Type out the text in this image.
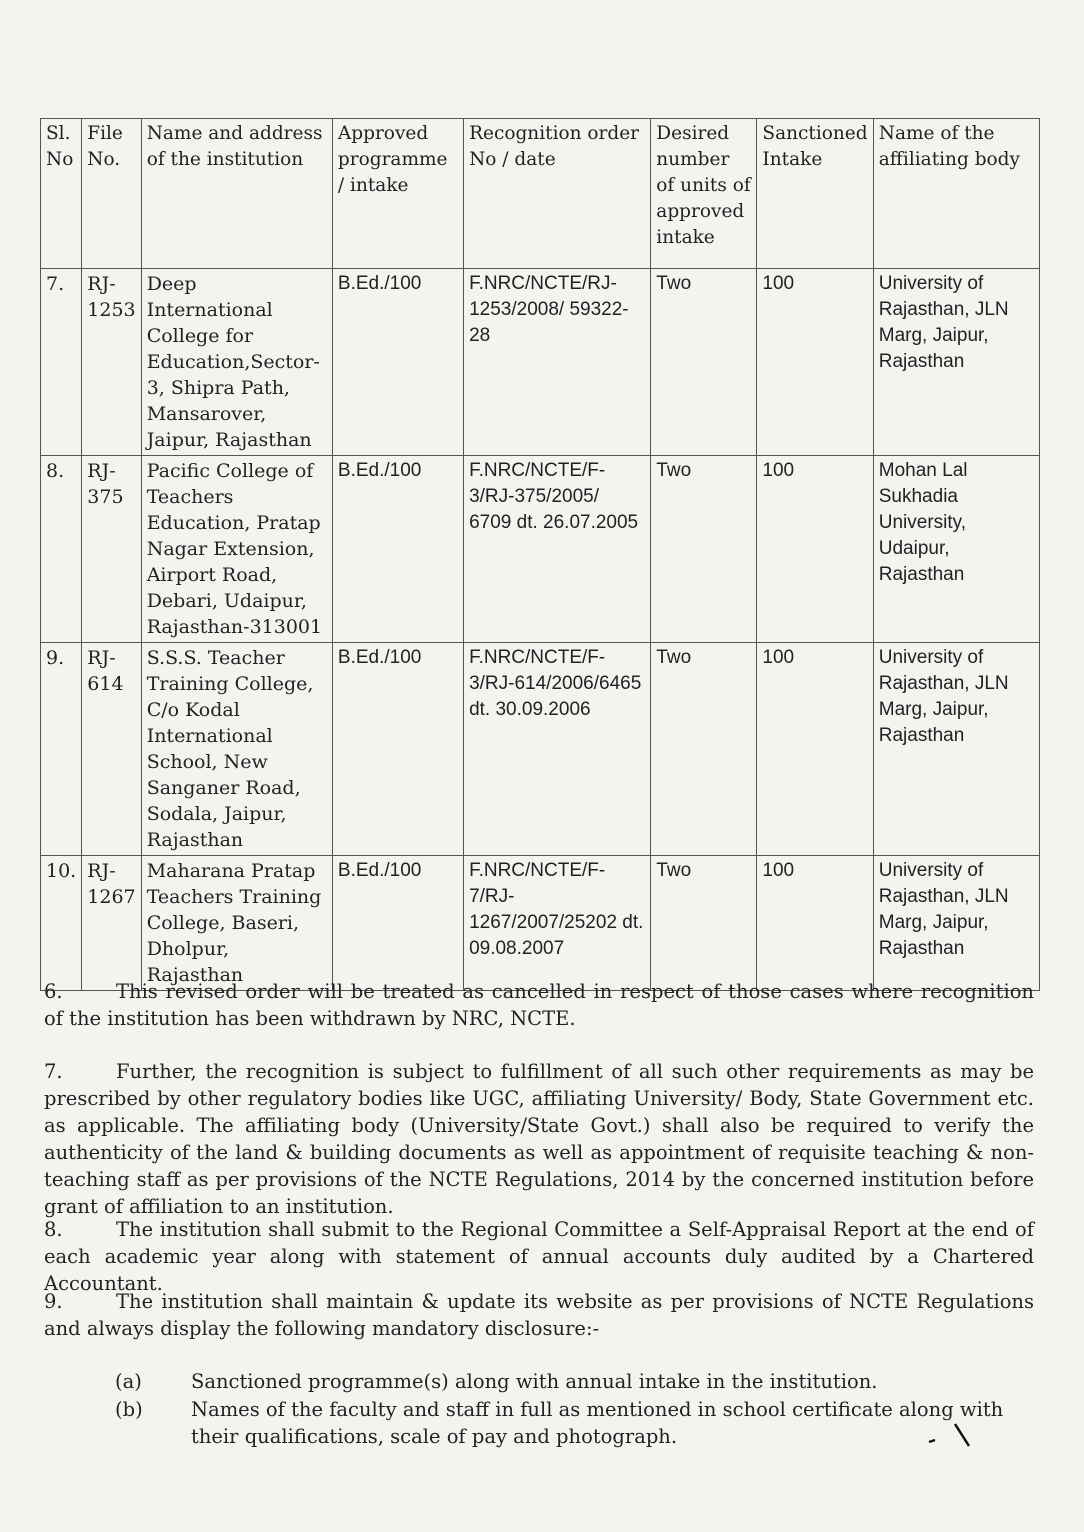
Sl. No	File No.	Name and address of the institution	Approved programme / intake	Recognition order No / date	Desired number of units of approved intake	Sanctioned Intake	Name of the affiliating body
7.	RJ-1253	Deep International College for Education,Sector-3, Shipra Path, Mansarover, Jaipur, Rajasthan	B.Ed./100	F.NRC/NCTE/RJ-1253/2008/ 59322-28	Two	100	University of Rajasthan, JLN Marg, Jaipur, Rajasthan
8.	RJ-375	Pacific College of Teachers Education, Pratap Nagar Extension, Airport Road, Debari, Udaipur, Rajasthan-313001	B.Ed./100	F.NRC/NCTE/F-3/RJ-375/2005/ 6709 dt. 26.07.2005	Two	100	Mohan Lal Sukhadia University, Udaipur, Rajasthan
9.	RJ-614	S.S.S. Teacher Training College, C/o Kodal International School, New Sanganer Road, Sodala, Jaipur, Rajasthan	B.Ed./100	F.NRC/NCTE/F-3/RJ-614/2006/6465 dt. 30.09.2006	Two	100	University of Rajasthan, JLN Marg, Jaipur, Rajasthan
10.	RJ-1267	Maharana Pratap Teachers Training College, Baseri, Dholpur, Rajasthan	B.Ed./100	F.NRC/NCTE/F-7/RJ-1267/2007/25202 dt. 09.08.2007	Two	100	University of Rajasthan, JLN Marg, Jaipur, Rajasthan
6.	This revised order will be treated as cancelled in respect of those cases where recognition of the institution has been withdrawn by NRC, NCTE.
7.	Further, the recognition is subject to fulfillment of all such other requirements as may be prescribed by other regulatory bodies like UGC, affiliating University/ Body, State Government etc. as applicable. The affiliating body (University/State Govt.) shall also be required to verify the authenticity of the land & building documents as well as appointment of requisite teaching & non-teaching staff as per provisions of the NCTE Regulations, 2014 by the concerned institution before grant of affiliation to an institution.
8.	The institution shall submit to the Regional Committee a Self-Appraisal Report at the end of each academic year along with statement of annual accounts duly audited by a Chartered Accountant.
9.	The institution shall maintain & update its website as per provisions of NCTE Regulations and always display the following mandatory disclosure:-
(a)	Sanctioned programme(s) along with annual intake in the institution.
(b) Names of the faculty and staff in full as mentioned in school certificate along with their qualifications, scale of pay and photograph.
